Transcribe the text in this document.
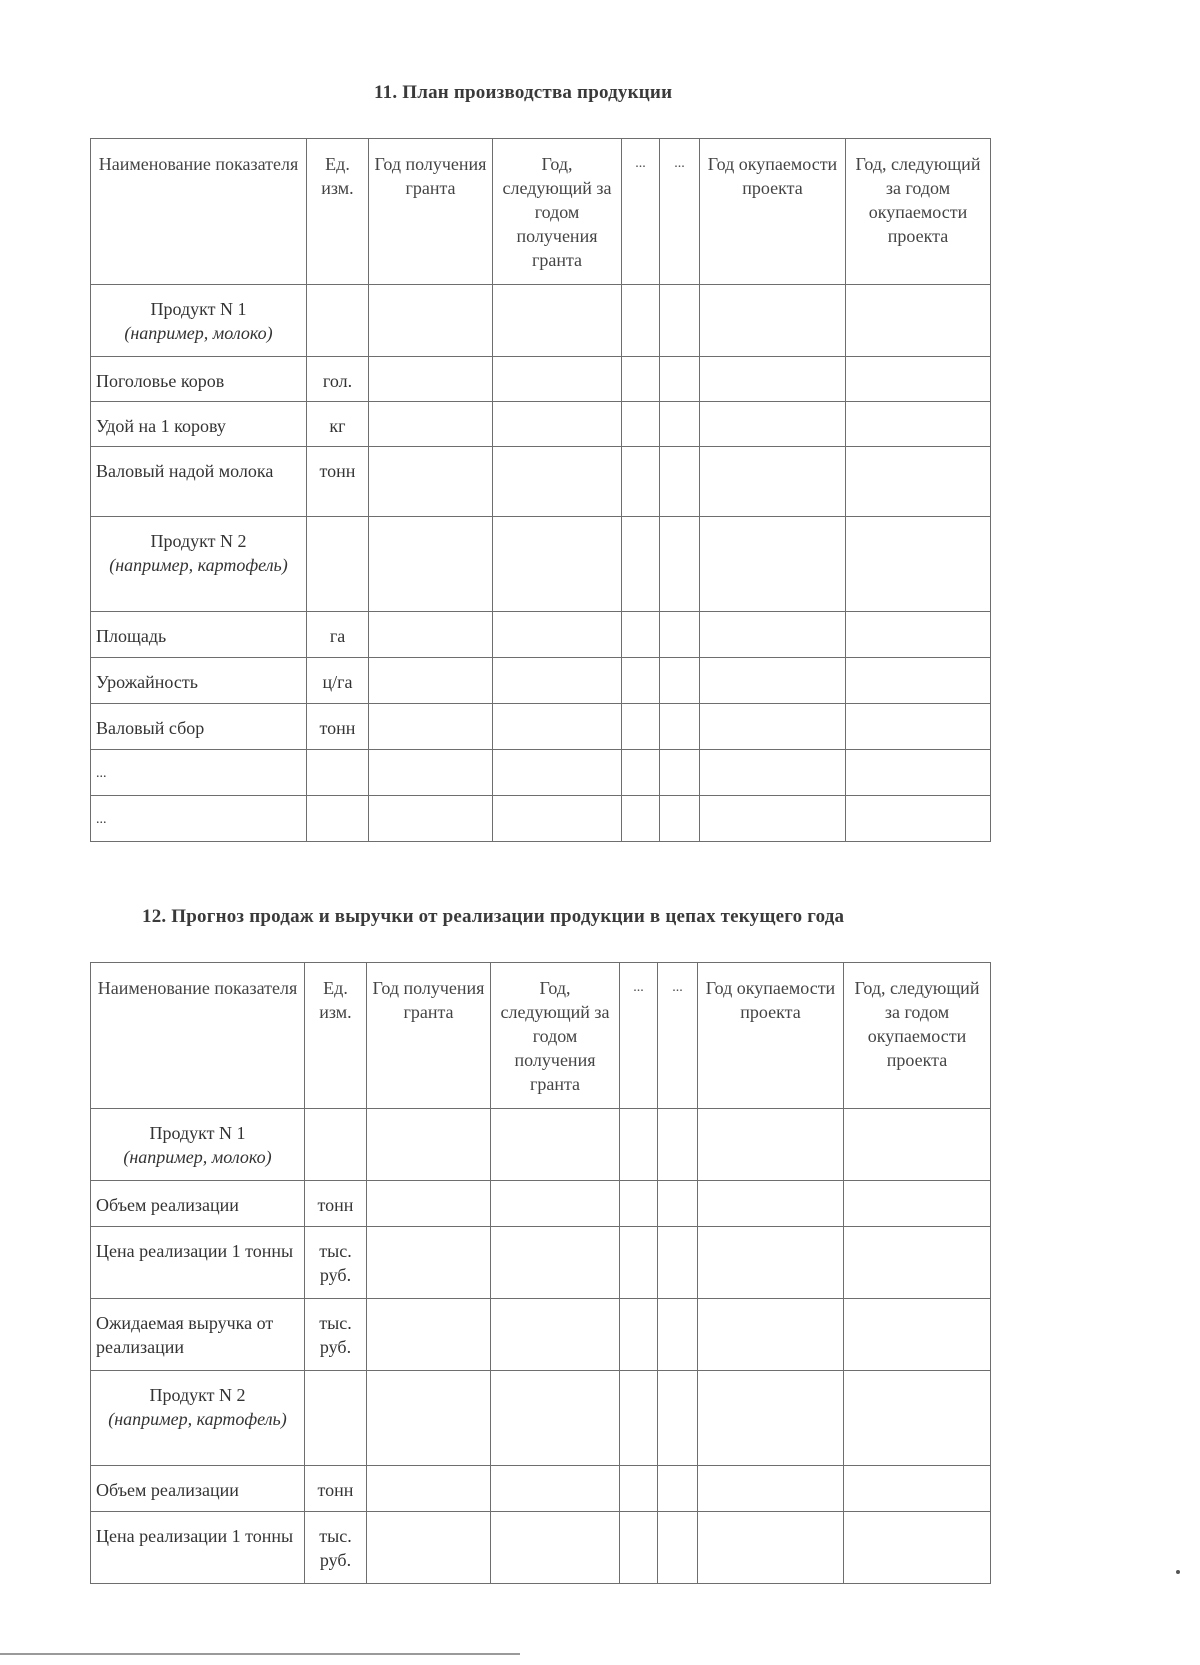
11. План производства продукции
Наименование показателя	Ед. изм.	Год получения гранта	Год, следующий за годом получения гранта	...	...	Год окупаемости проекта	Год, следующий за годом окупаемости проекта
Продукт N 1
(например, молоко)							
Поголовье коров	гол.						
Удой на 1 корову	кг						
Валовый надой молока	тонн						
Продукт N 2
(например, картофель)							
Площадь	га						
Урожайность	ц/га						
Валовый сбор	тонн						
...							
...							
12. Прогноз продаж и выручки от реализации продукции в цепах текущего года
Наименование показателя	Ед. изм.	Год получения гранта	Год, следующий за годом получения гранта	...	...	Год окупаемости проекта	Год, следующий за годом окупаемости проекта
Продукт N 1
(например, молоко)							
Объем реализации	тонн						
Цена реализации 1 тонны	тыс. руб.						
Ожидаемая выручка от реализации	тыс. руб.						
Продукт N 2
(например, картофель)							
Объем реализации	тонн						
Цена реализации 1 тонны	тыс. руб.						
